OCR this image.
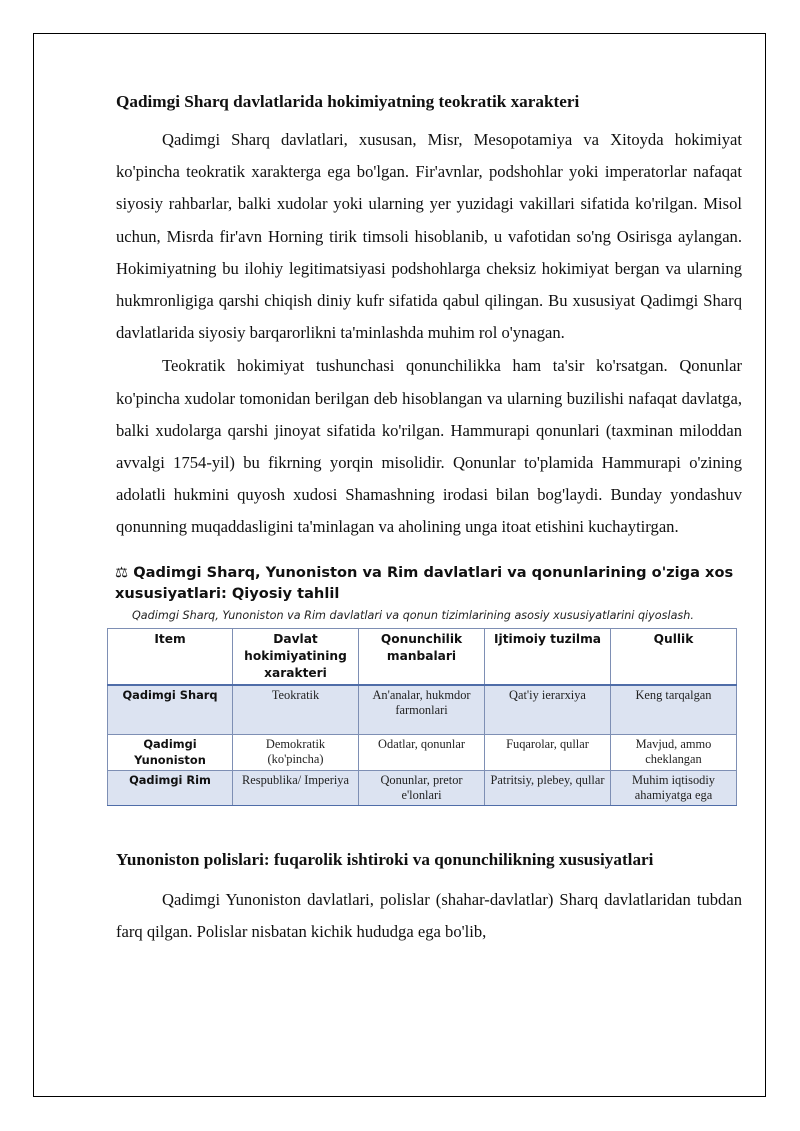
Qadimgi Sharq davlatlarida hokimiyatning teokratik xarakteri

Qadimgi Sharq davlatlari, xususan, Misr, Mesopotamiya va Xitoyda hokimiyat ko'pincha teokratik xarakterga ega bo'lgan. Fir'avnlar, podshohlar yoki imperatorlar nafaqat siyosiy rahbarlar, balki xudolar yoki ularning yer yuzidagi vakillari sifatida ko'rilgan. Misol uchun, Misrda fir'avn Horning tirik timsoli hisoblanib, u vafotidan so'ng Osirisga aylangan. Hokimiyatning bu ilohiy legitimatsiyasi podshohlarga cheksiz hokimiyat bergan va ularning hukmronligiga qarshi chiqish diniy kufr sifatida qabul qilingan. Bu xususiyat Qadimgi Sharq davlatlarida siyosiy barqarorlikni ta'minlashda muhim rol o'ynagan.

Teokratik hokimiyat tushunchasi qonunchilikka ham ta'sir ko'rsatgan. Qonunlar ko'pincha xudolar tomonidan berilgan deb hisoblangan va ularning buzilishi nafaqat davlatga, balki xudolarga qarshi jinoyat sifatida ko'rilgan. Hammurapi qonunlari (taxminan miloddan avvalgi 1754-yil) bu fikrning yorqin misolidir. Qonunlar to'plamida Hammurapi o'zining adolatli hukmini quyosh xudosi Shamashning irodasi bilan bog'laydi. Bunday yondashuv qonunning muqaddasligini ta'minlagan va aholining unga itoat etishini kuchaytirgan.

⚖ Qadimgi Sharq, Yunoniston va Rim davlatlari va qonunlarining o'ziga xos xususiyatlari: Qiyosiy tahlil

Qadimgi Sharq, Yunoniston va Rim davlatlari va qonun tizimlarining asosiy xususiyatlarini qiyoslash.

Item	Davlat hokimiyatining xarakteri	Qonunchilik manbalari	Ijtimoiy tuzilma	Qullik
Qadimgi Sharq	Teokratik	An'analar, hukmdor farmonlari	Qat'iy ierarxiya	Keng tarqalgan
Qadimgi Yunoniston	Demokratik (ko'pincha)	Odatlar, qonunlar	Fuqarolar, qullar	Mavjud, ammo cheklangan
Qadimgi Rim	Respublika/ Imperiya	Qonunlar, pretor e'lonlari	Patritsiy, plebey, qullar	Muhim iqtisodiy ahamiyatga ega
Yunoniston polislari: fuqarolik ishtiroki va qonunchilikning xususiyatlari

Qadimgi Yunoniston davlatlari, polislar (shahar-davlatlar) Sharq davlatlaridan tubdan farq qilgan. Polislar nisbatan kichik hududga ega bo'lib,
